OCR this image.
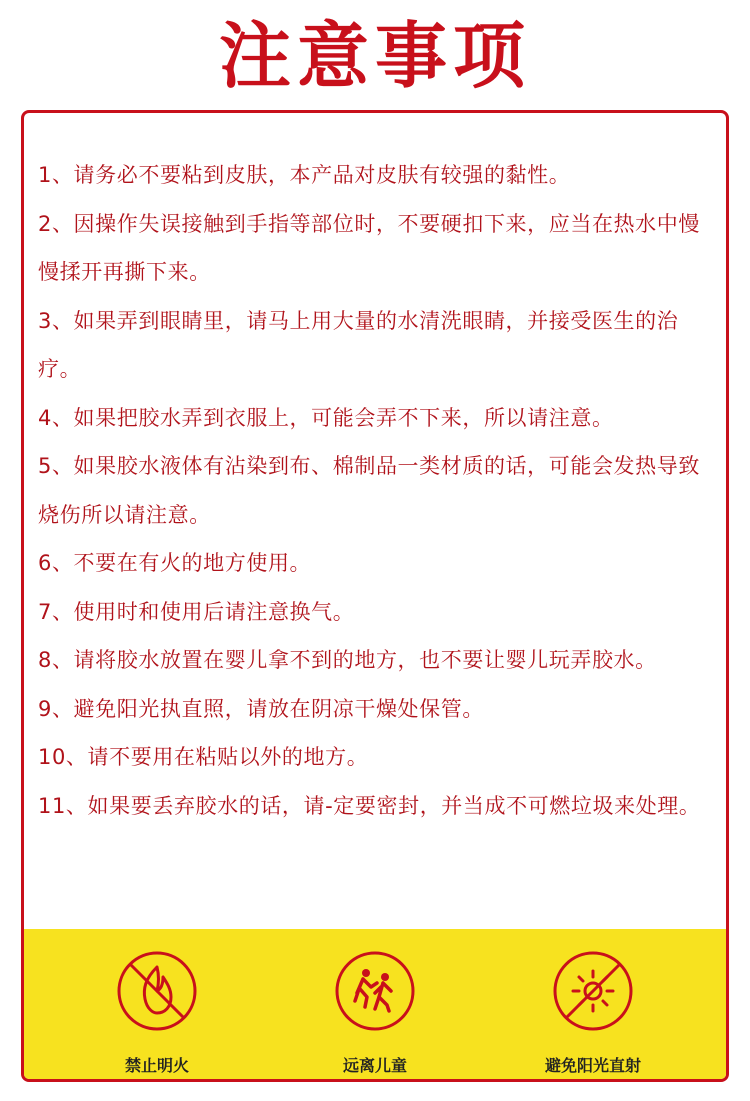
注意事项
1、请务必不要粘到皮肤，本产品对皮肤有较强的黏性。
2、因操作失误接触到手指等部位时，不要硬扣下来，应当在热水中慢慢揉开再撕下来。
3、如果弄到眼睛里，请马上用大量的水清洗眼睛，并接受医生的治疗。
4、如果把胶水弄到衣服上，可能会弄不下来，所以请注意。
5、如果胶水液体有沾染到布、棉制品一类材质的话，可能会发热导致烧伤所以请注意。
6、不要在有火的地方使用。
7、使用时和使用后请注意换气。
8、请将胶水放置在婴儿拿不到的地方，也不要让婴儿玩弄胶水。
9、避免阳光执直照，请放在阴凉干燥处保管。
10、请不要用在粘贴以外的地方。
11、如果要丢弃胶水的话，请-定要密封，并当成不可燃垃圾来处理。
禁止明火	远离儿童	避免阳光直射
